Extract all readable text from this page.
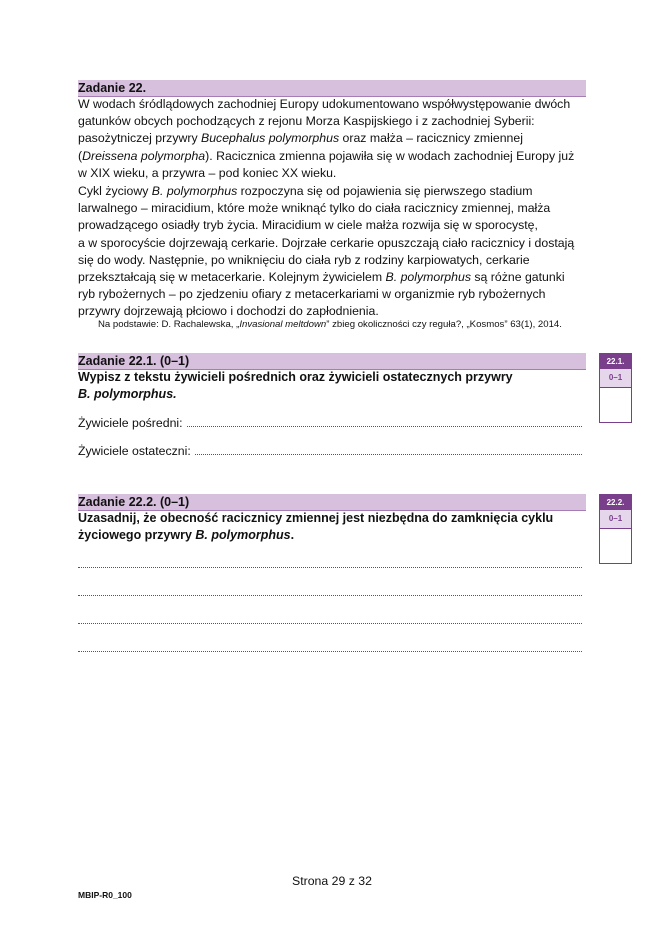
Zadanie 22.
W wodach śródlądowych zachodniej Europy udokumentowano współwystępowanie dwóch
gatunków obcych pochodzących z rejonu Morza Kaspijskiego i z zachodniej Syberii:
pasożytniczej przywry Bucephalus polymorphus oraz małża – racicznicy zmiennej
(Dreissena polymorpha). Racicznica zmienna pojawiła się w wodach zachodniej Europy już
w XIX wieku, a przywra – pod koniec XX wieku.
Cykl życiowy B. polymorphus rozpoczyna się od pojawienia się pierwszego stadium
larwalnego – miracidium, które może wniknąć tylko do ciała racicznicy zmiennej, małża
prowadzącego osiadły tryb życia. Miracidium w ciele małża rozwija się w sporocystę,
a w sporocyście dojrzewają cerkarie. Dojrzałe cerkarie opuszczają ciało racicznicy i dostają
się do wody. Następnie, po wniknięciu do ciała ryb z rodziny karpiowatych, cerkarie
przekształcają się w metacerkarie. Kolejnym żywicielem B. polymorphus są różne gatunki
ryb rybożernych – po zjedzeniu ofiary z metacerkariami w organizmie ryb rybożernych
przywry dojrzewają płciowo i dochodzi do zapłodnienia.
Na podstawie: D. Rachalewska, „Invasional meltdown” zbieg okoliczności czy reguła?, „Kosmos” 63(1), 2014.
Zadanie 22.1. (0–1)
Wypisz z tekstu żywicieli pośrednich oraz żywicieli ostatecznych przywry
B. polymorphus.
Żywiciele pośredni:
Żywiciele ostateczni:
22.1.
0–1
Zadanie 22.2. (0–1)
Uzasadnij, że obecność racicznicy zmiennej jest niezbędna do zamknięcia cyklu
życiowego przywry B. polymorphus.
22.2.
0–1
Strona 29 z 32
MBIP-R0_100
